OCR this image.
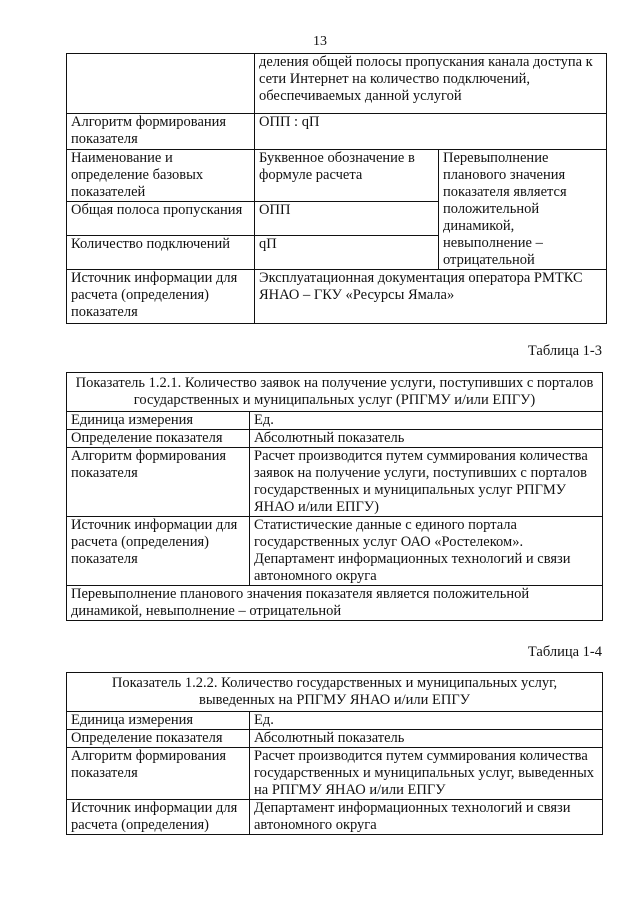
13
	деления общей полосы пропускания канала доступа к сети Интернет на количество подключений, обеспечиваемых данной услугой	
Алгоритм формирования показателя	ОПП : qП	
Наименование и определение базовых показателей	Буквенное обозначение в формуле расчета	Перевыполнение планового значения показателя является положительной динамикой, невыполнение – отрицательной
Общая полоса пропускания	ОПП	
Количество подключений	qП	
Источник информации для расчета (определения) показателя	Эксплуатационная документация оператора РМТКС ЯНАО – ГКУ «Ресурсы Ямала»	
Таблица 1-3
Показатель 1.2.1. Количество заявок на получение услуги, поступивших с порталов государственных и муниципальных услуг (РПГМУ и/или ЕПГУ)	
Единица измерения	Ед.
Определение показателя	Абсолютный показатель
Алгоритм формирования показателя	Расчет производится путем суммирования количества заявок на получение услуги, поступивших с порталов государственных и муниципальных услуг РПГМУ ЯНАО и/или ЕПГУ)
Источник информации для расчета (определения) показателя	Статистические данные с единого портала государственных услуг ОАО «Ростелеком». Департамент информационных технологий и связи автономного округа
Перевыполнение планового значения показателя является положительной динамикой, невыполнение – отрицательной	
Таблица 1-4
Показатель 1.2.2. Количество государственных и муниципальных услуг, выведенных на РПГМУ ЯНАО и/или ЕПГУ	
Единица измерения	Ед.
Определение показателя	Абсолютный показатель
Алгоритм формирования показателя	Расчет производится путем суммирования количества государственных и муниципальных услуг, выведенных на РПГМУ ЯНАО и/или ЕПГУ
Источник информации для расчета (определения)	Департамент информационных технологий и связи автономного округа
